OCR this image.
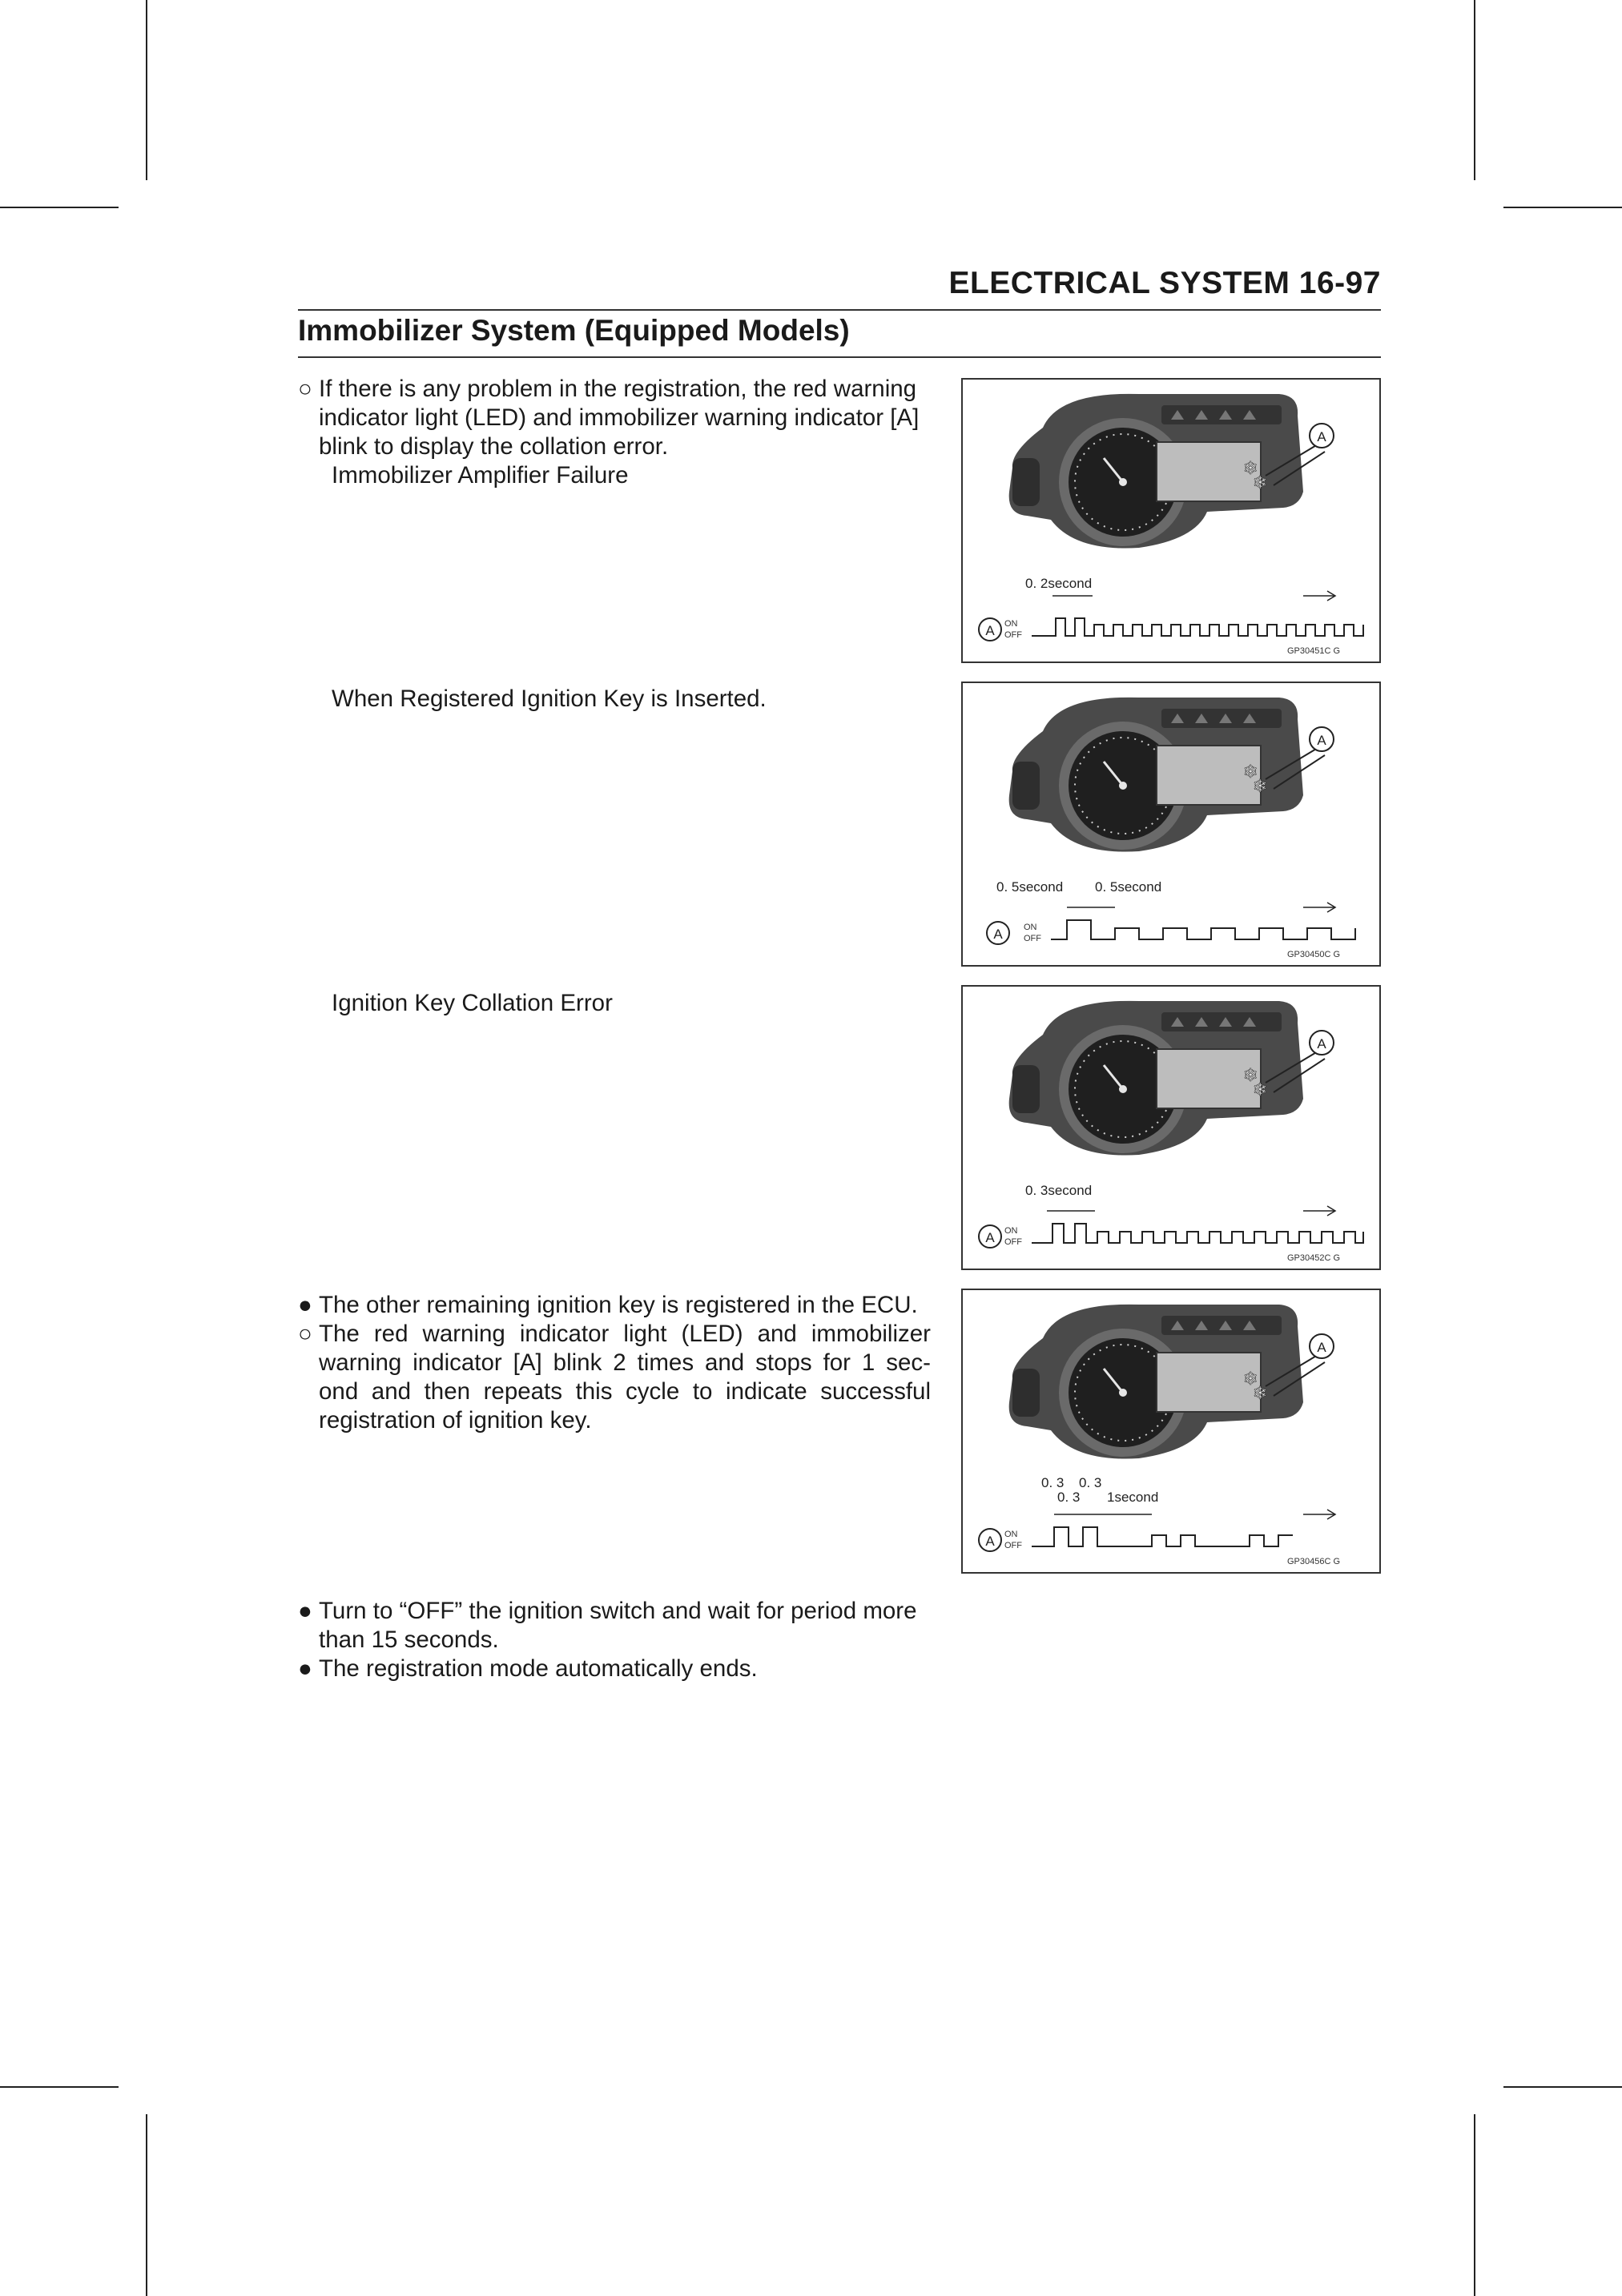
ELECTRICAL SYSTEM 16-97
Immobilizer System (Equipped Models)
○ If there is any problem in the registration, the red warning
indicator light (LED) and immobilizer warning indicator [A]
blink to display the collation error.
Immobilizer Amplifier Failure
When Registered Ignition Key is Inserted.
Ignition Key Collation Error
● The other remaining ignition key is registered in the ECU.
○ The red warning indicator light (LED) and immobilizer
warning indicator [A] blink 2 times and stops for 1 sec-
ond and then repeats this cycle to indicate successful
registration of ignition key.
● Turn to “OFF” the ignition switch and wait for period more
than 15 seconds.
● The registration mode automatically ends.
❄
❄
A
0. 2second
A ON
OFF
GP30451C G
❄
❄
A
0. 5second 0. 5second
A ON
OFF
GP30450C G
❄
❄
A
0. 3second
A ON
OFF
GP30452C G
❄
❄
A
0. 3 0. 3
0. 3 1second
A ON
OFF
GP30456C G
